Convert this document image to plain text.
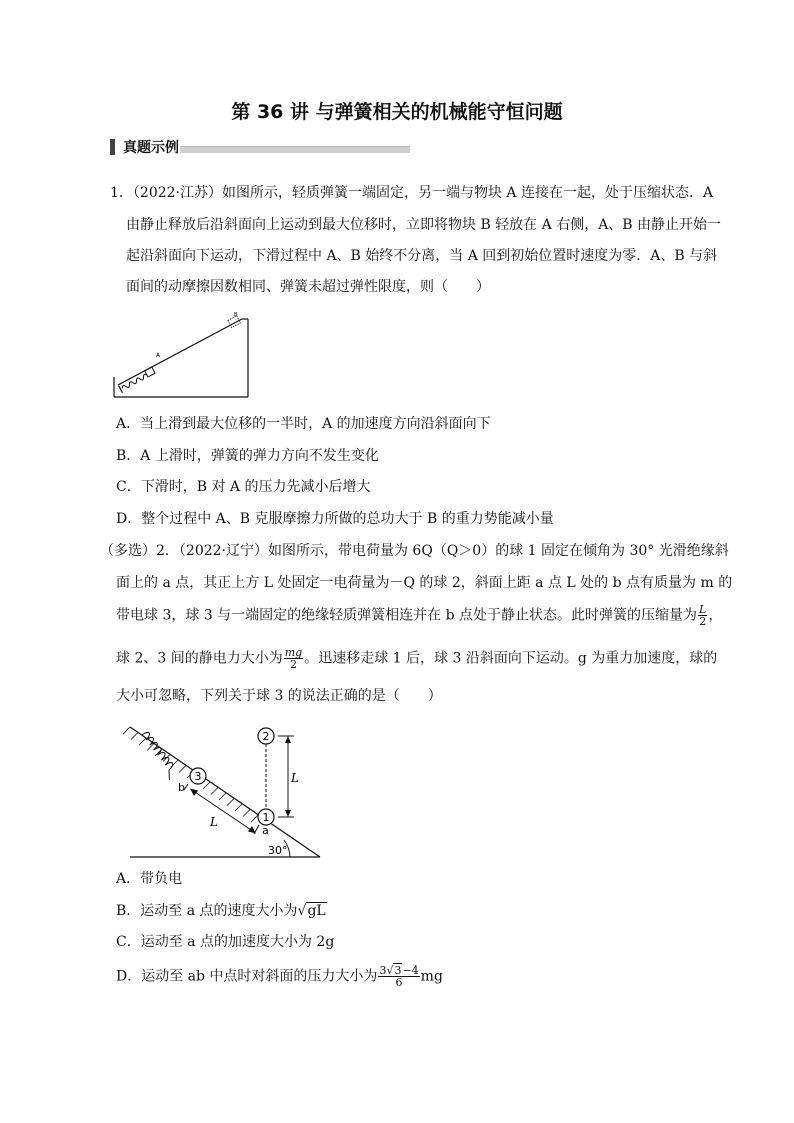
第 36 讲 与弹簧相关的机械能守恒问题
真题示例
1．（2022·江苏）如图所示，轻质弹簧一端固定，另一端与物块 A 连接在一起，处于压缩状态．A
由静止释放后沿斜面向上运动到最大位移时，立即将物块 B 轻放在 A 右侧，A、B 由静止开始一
起沿斜面向下运动，下滑过程中 A、B 始终不分离，当 A 回到初始位置时速度为零．A、B 与斜
面间的动摩擦因数相同、弹簧未超过弹性限度，则（　　）
A
B
A．当上滑到最大位移的一半时，A 的加速度方向沿斜面向下
B．A 上滑时，弹簧的弹力方向不发生变化
C．下滑时，B 对 A 的压力先减小后增大
D．整个过程中 A、B 克服摩擦力所做的总功大于 B 的重力势能减小量
（多选）2．（2022·辽宁）如图所示，带电荷量为 6Q（Q＞0）的球 1 固定在倾角为 30° 光滑绝缘斜
面上的 a 点，其正上方 L 处固定一电荷量为－Q 的球 2，斜面上距 a 点 L 处的 b 点有质量为 m 的
带电球 3，球 3 与一端固定的绝缘轻质弹簧相连并在 b 点处于静止状态。此时弹簧的压缩量为 $\frac{L}{2}$ ，
球 2、3 间的静电力大小为 $\frac{mg}{2}$ 。迅速移走球 1 后，球 3 沿斜面向下运动。g 为重力加速度，球的
大小可忽略，下列关于球 3 的说法正确的是（　　）
3
1
2
L
L
b
a
30°
A．带负电
B．运动至 a 点的速度大小为√gL
C．运动至 a 点的加速度大小为 2g
D．运动至 ab 中点时对斜面的压力大小为 $\frac{3√3-4}{6}$ mg
